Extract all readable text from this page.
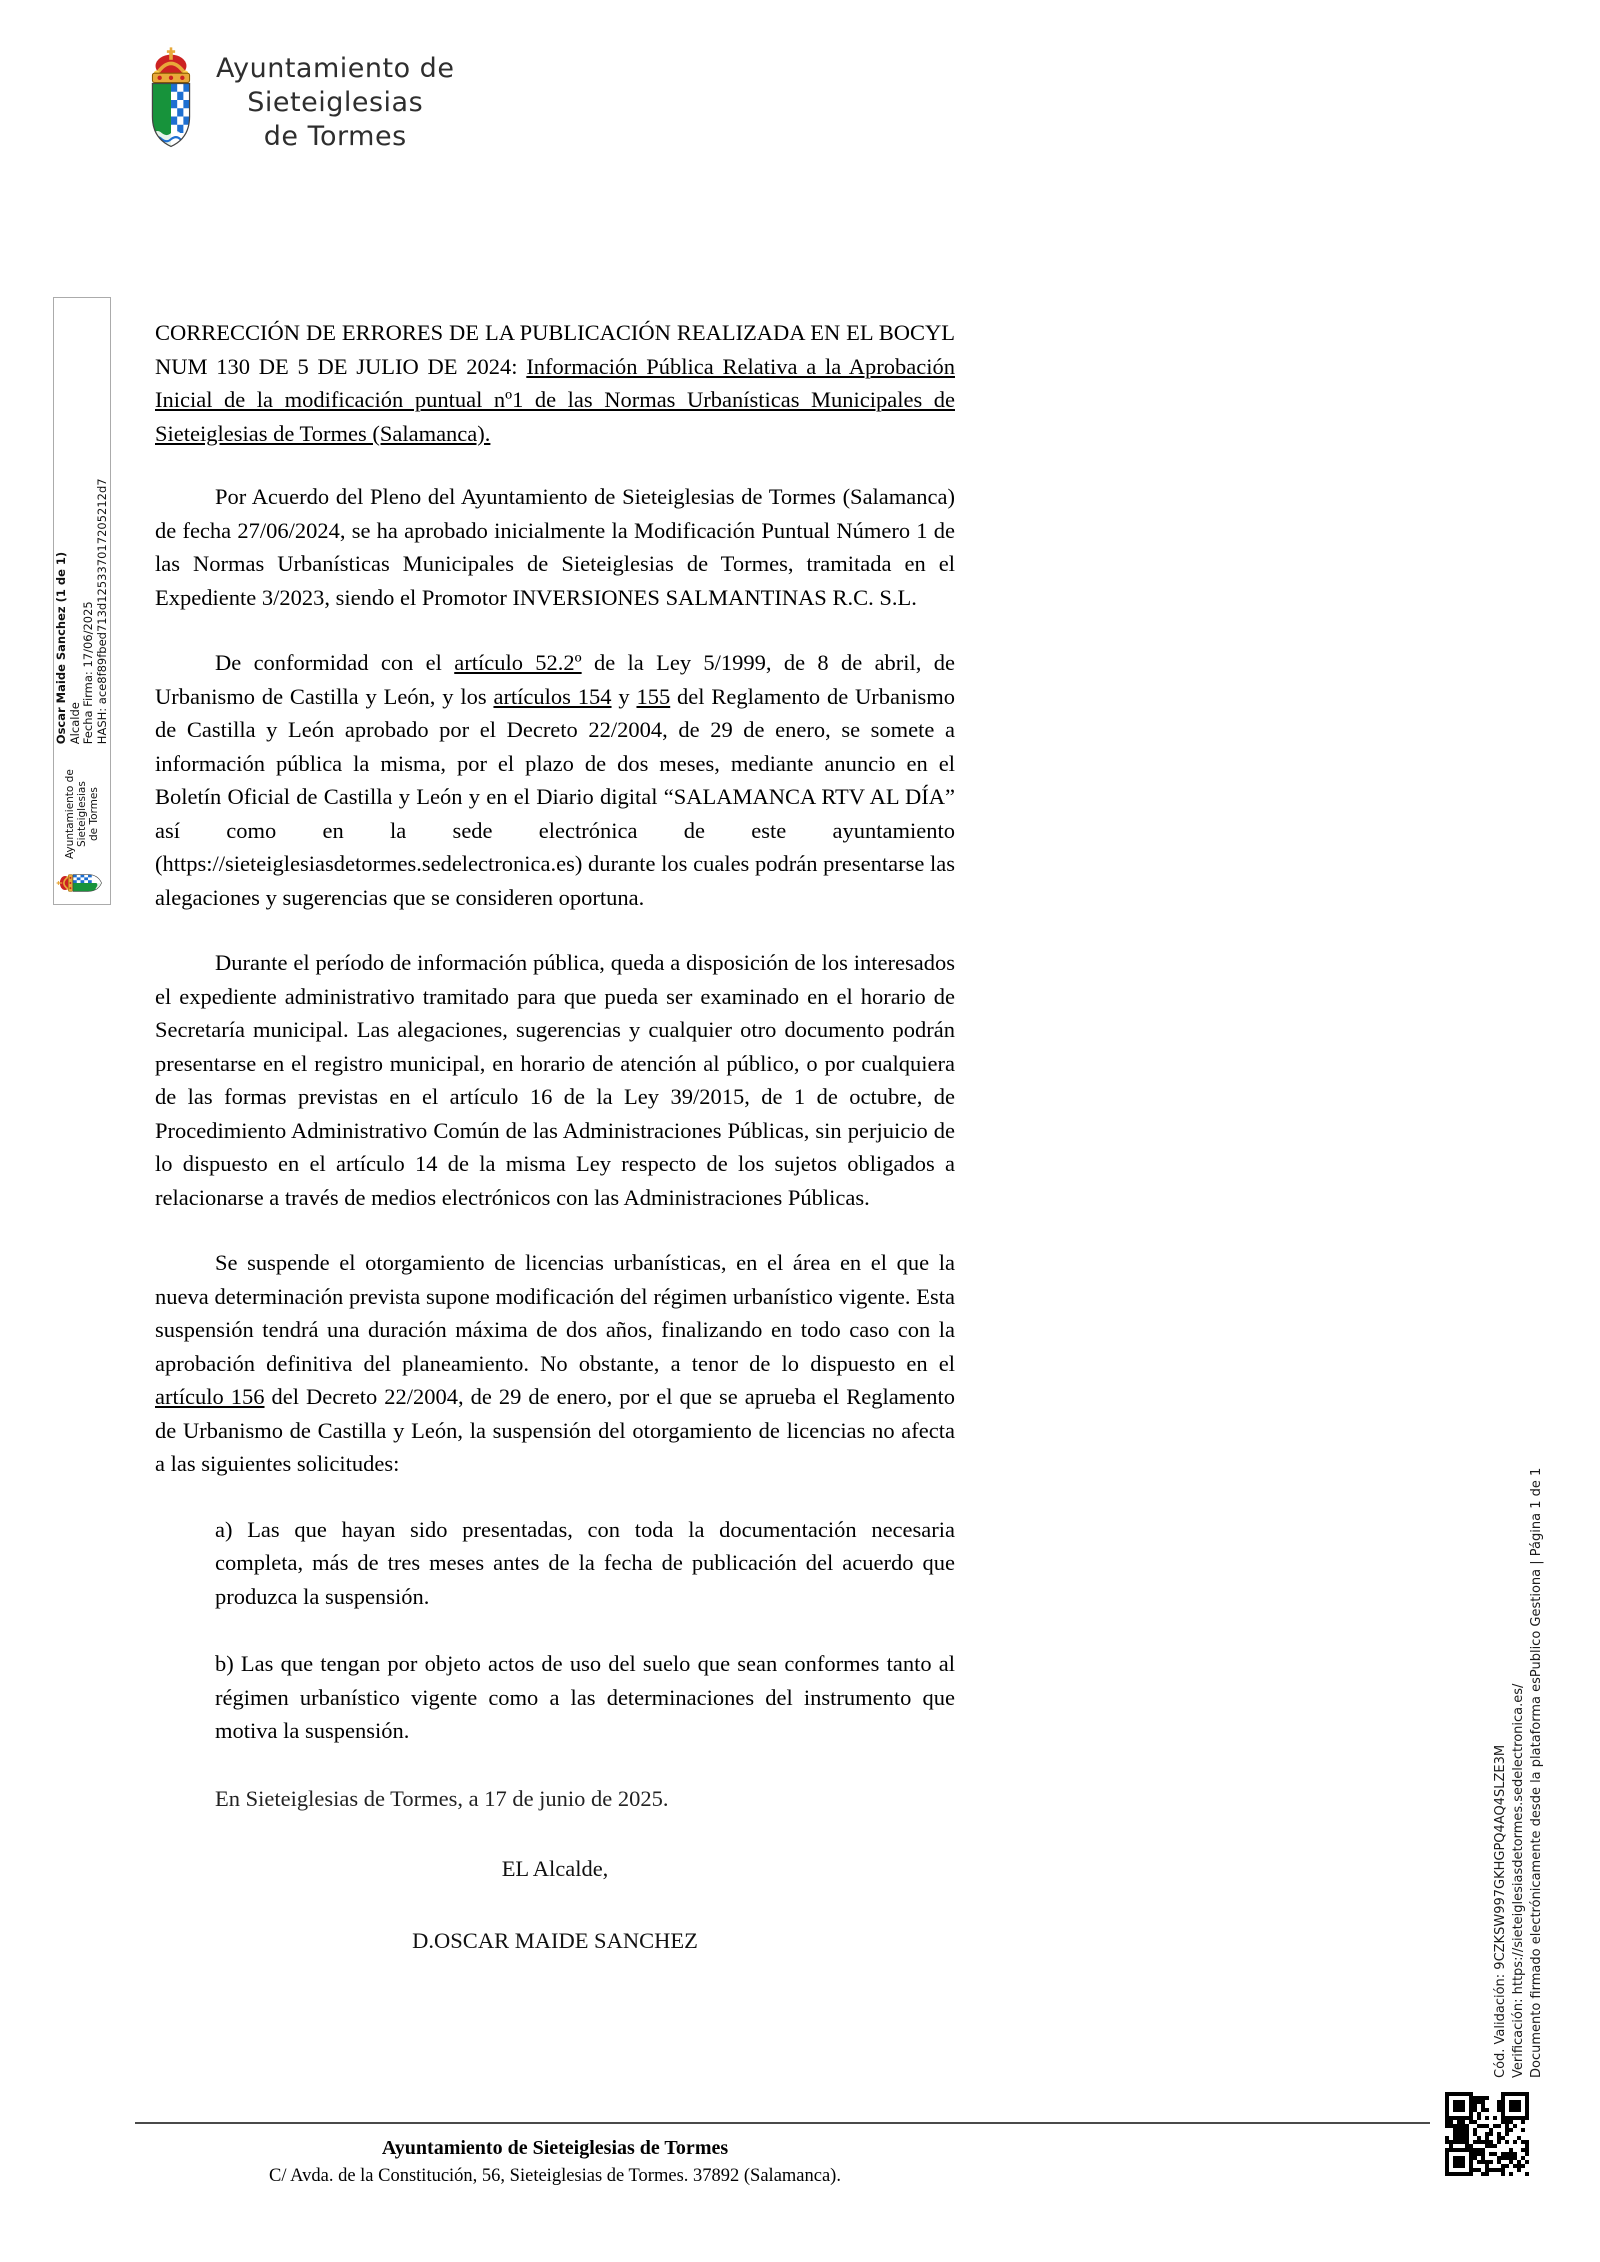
Ayuntamiento de
Sieteiglesias
de Tormes
Ayuntamiento de Sieteiglesias de Tormes
Oscar Maide Sanchez (1 de 1) Alcalde Fecha Firma: 17/06/2025 HASH: ace8f89fbed713d125337017205212d7

CORRECCIÓN DE ERRORES DE LA PUBLICACIÓN REALIZADA EN EL BOCYL NUM 130 DE 5 DE JULIO DE 2024: Información Pública Relativa a la Aprobación Inicial de la modificación puntual nº1 de las Normas Urbanísticas Municipales de Sieteiglesias de Tormes (Salamanca).

Por Acuerdo del Pleno del Ayuntamiento de Sieteiglesias de Tormes (Salamanca) de fecha 27/06/2024, se ha aprobado inicialmente la Modificación Puntual Número 1 de las Normas Urbanísticas Municipales de Sieteiglesias de Tormes, tramitada en el Expediente 3/2023, siendo el Promotor INVERSIONES SALMANTINAS R.C. S.L.

De conformidad con el artículo 52.2º de la Ley 5/1999, de 8 de abril, de Urbanismo de Castilla y León, y los artículos 154 y 155 del Reglamento de Urbanismo de Castilla y León aprobado por el Decreto 22/2004, de 29 de enero, se somete a información pública la misma, por el plazo de dos meses, mediante anuncio en el Boletín Oficial de Castilla y León y en el Diario digital “SALAMANCA RTV AL DÍA” así como en la sede electrónica de este ayuntamiento (https://sieteiglesiasdetormes.sedelectronica.es) durante los cuales podrán presentarse las alegaciones y sugerencias que se consideren oportuna.

Durante el período de información pública, queda a disposición de los interesados el expediente administrativo tramitado para que pueda ser examinado en el horario de Secretaría municipal. Las alegaciones, sugerencias y cualquier otro documento podrán presentarse en el registro municipal, en horario de atención al público, o por cualquiera de las formas previstas en el artículo 16 de la Ley 39/2015, de 1 de octubre, de Procedimiento Administrativo Común de las Administraciones Públicas, sin perjuicio de lo dispuesto en el artículo 14 de la misma Ley respecto de los sujetos obligados a relacionarse a través de medios electrónicos con las Administraciones Públicas.

Se suspende el otorgamiento de licencias urbanísticas, en el área en el que la nueva determinación prevista supone modificación del régimen urbanístico vigente. Esta suspensión tendrá una duración máxima de dos años, finalizando en todo caso con la aprobación definitiva del planeamiento. No obstante, a tenor de lo dispuesto en el artículo 156 del Decreto 22/2004, de 29 de enero, por el que se aprueba el Reglamento de Urbanismo de Castilla y León, la suspensión del otorgamiento de licencias no afecta a las siguientes solicitudes:

a) Las que hayan sido presentadas, con toda la documentación necesaria completa, más de tres meses antes de la fecha de publicación del acuerdo que produzca la suspensión.

b) Las que tengan por objeto actos de uso del suelo que sean conformes tanto al régimen urbanístico vigente como a las determinaciones del instrumento que motiva la suspensión.

En Sieteiglesias de Tormes, a 17 de junio de 2025.

EL Alcalde,

D.OSCAR MAIDE SANCHEZ	Cód. Validación: 9CZKSW997GKHGPQ4AQ4SLZE3M Verificación: https://sieteiglesiasdetormes.sedelectronica.es/ Documento firmado electrónicamente desde la plataforma esPublico Gestiona | Página 1 de 1
Ayuntamiento de Sieteiglesias de Tormes
C/ Avda. de la Constitución, 56, Sieteiglesias de Tormes. 37892 (Salamanca).
